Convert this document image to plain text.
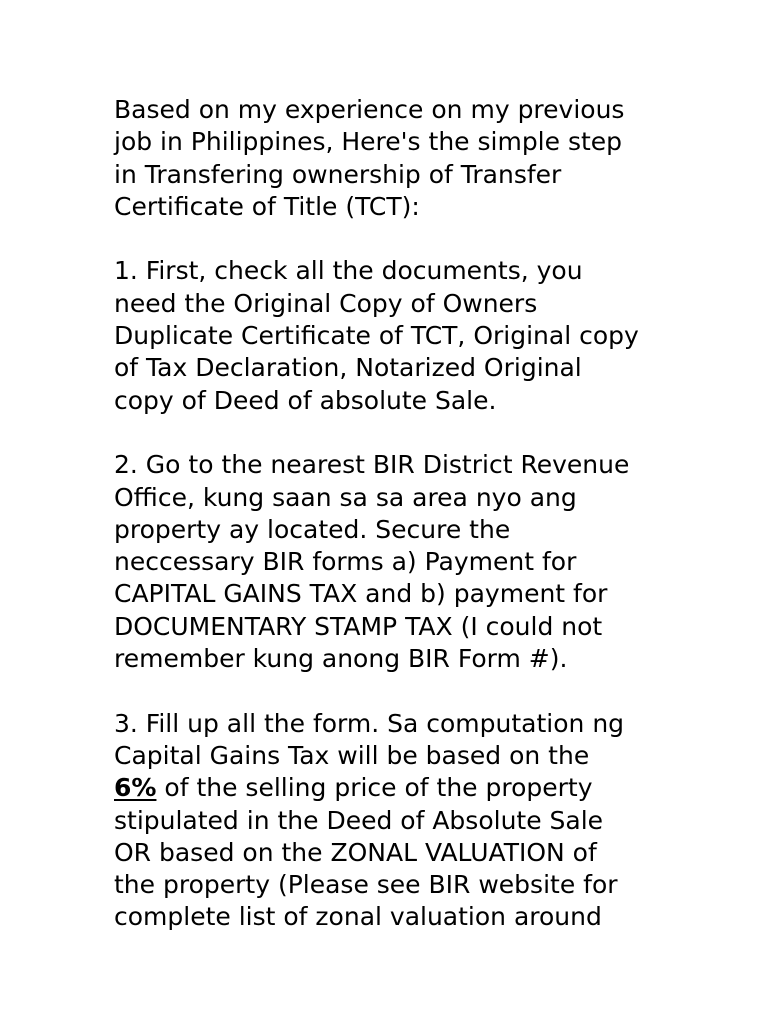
Based on my experience on my previous
job in Philippines, Here's the simple step
in Transfering ownership of Transfer
Certificate of Title (TCT):

1. First, check all the documents, you
need the Original Copy of Owners
Duplicate Certificate of TCT, Original copy
of Tax Declaration, Notarized Original
copy of Deed of absolute Sale.

2. Go to the nearest BIR District Revenue
Office, kung saan sa sa area nyo ang
property ay located. Secure the
neccessary BIR forms a) Payment for
CAPITAL GAINS TAX and b) payment for
DOCUMENTARY STAMP TAX (I could not
remember kung anong BIR Form #).

3. Fill up all the form. Sa computation ng
Capital Gains Tax will be based on the
6% of the selling price of the property
stipulated in the Deed of Absolute Sale
OR based on the ZONAL VALUATION of
the property (Please see BIR website for
complete list of zonal valuation around
